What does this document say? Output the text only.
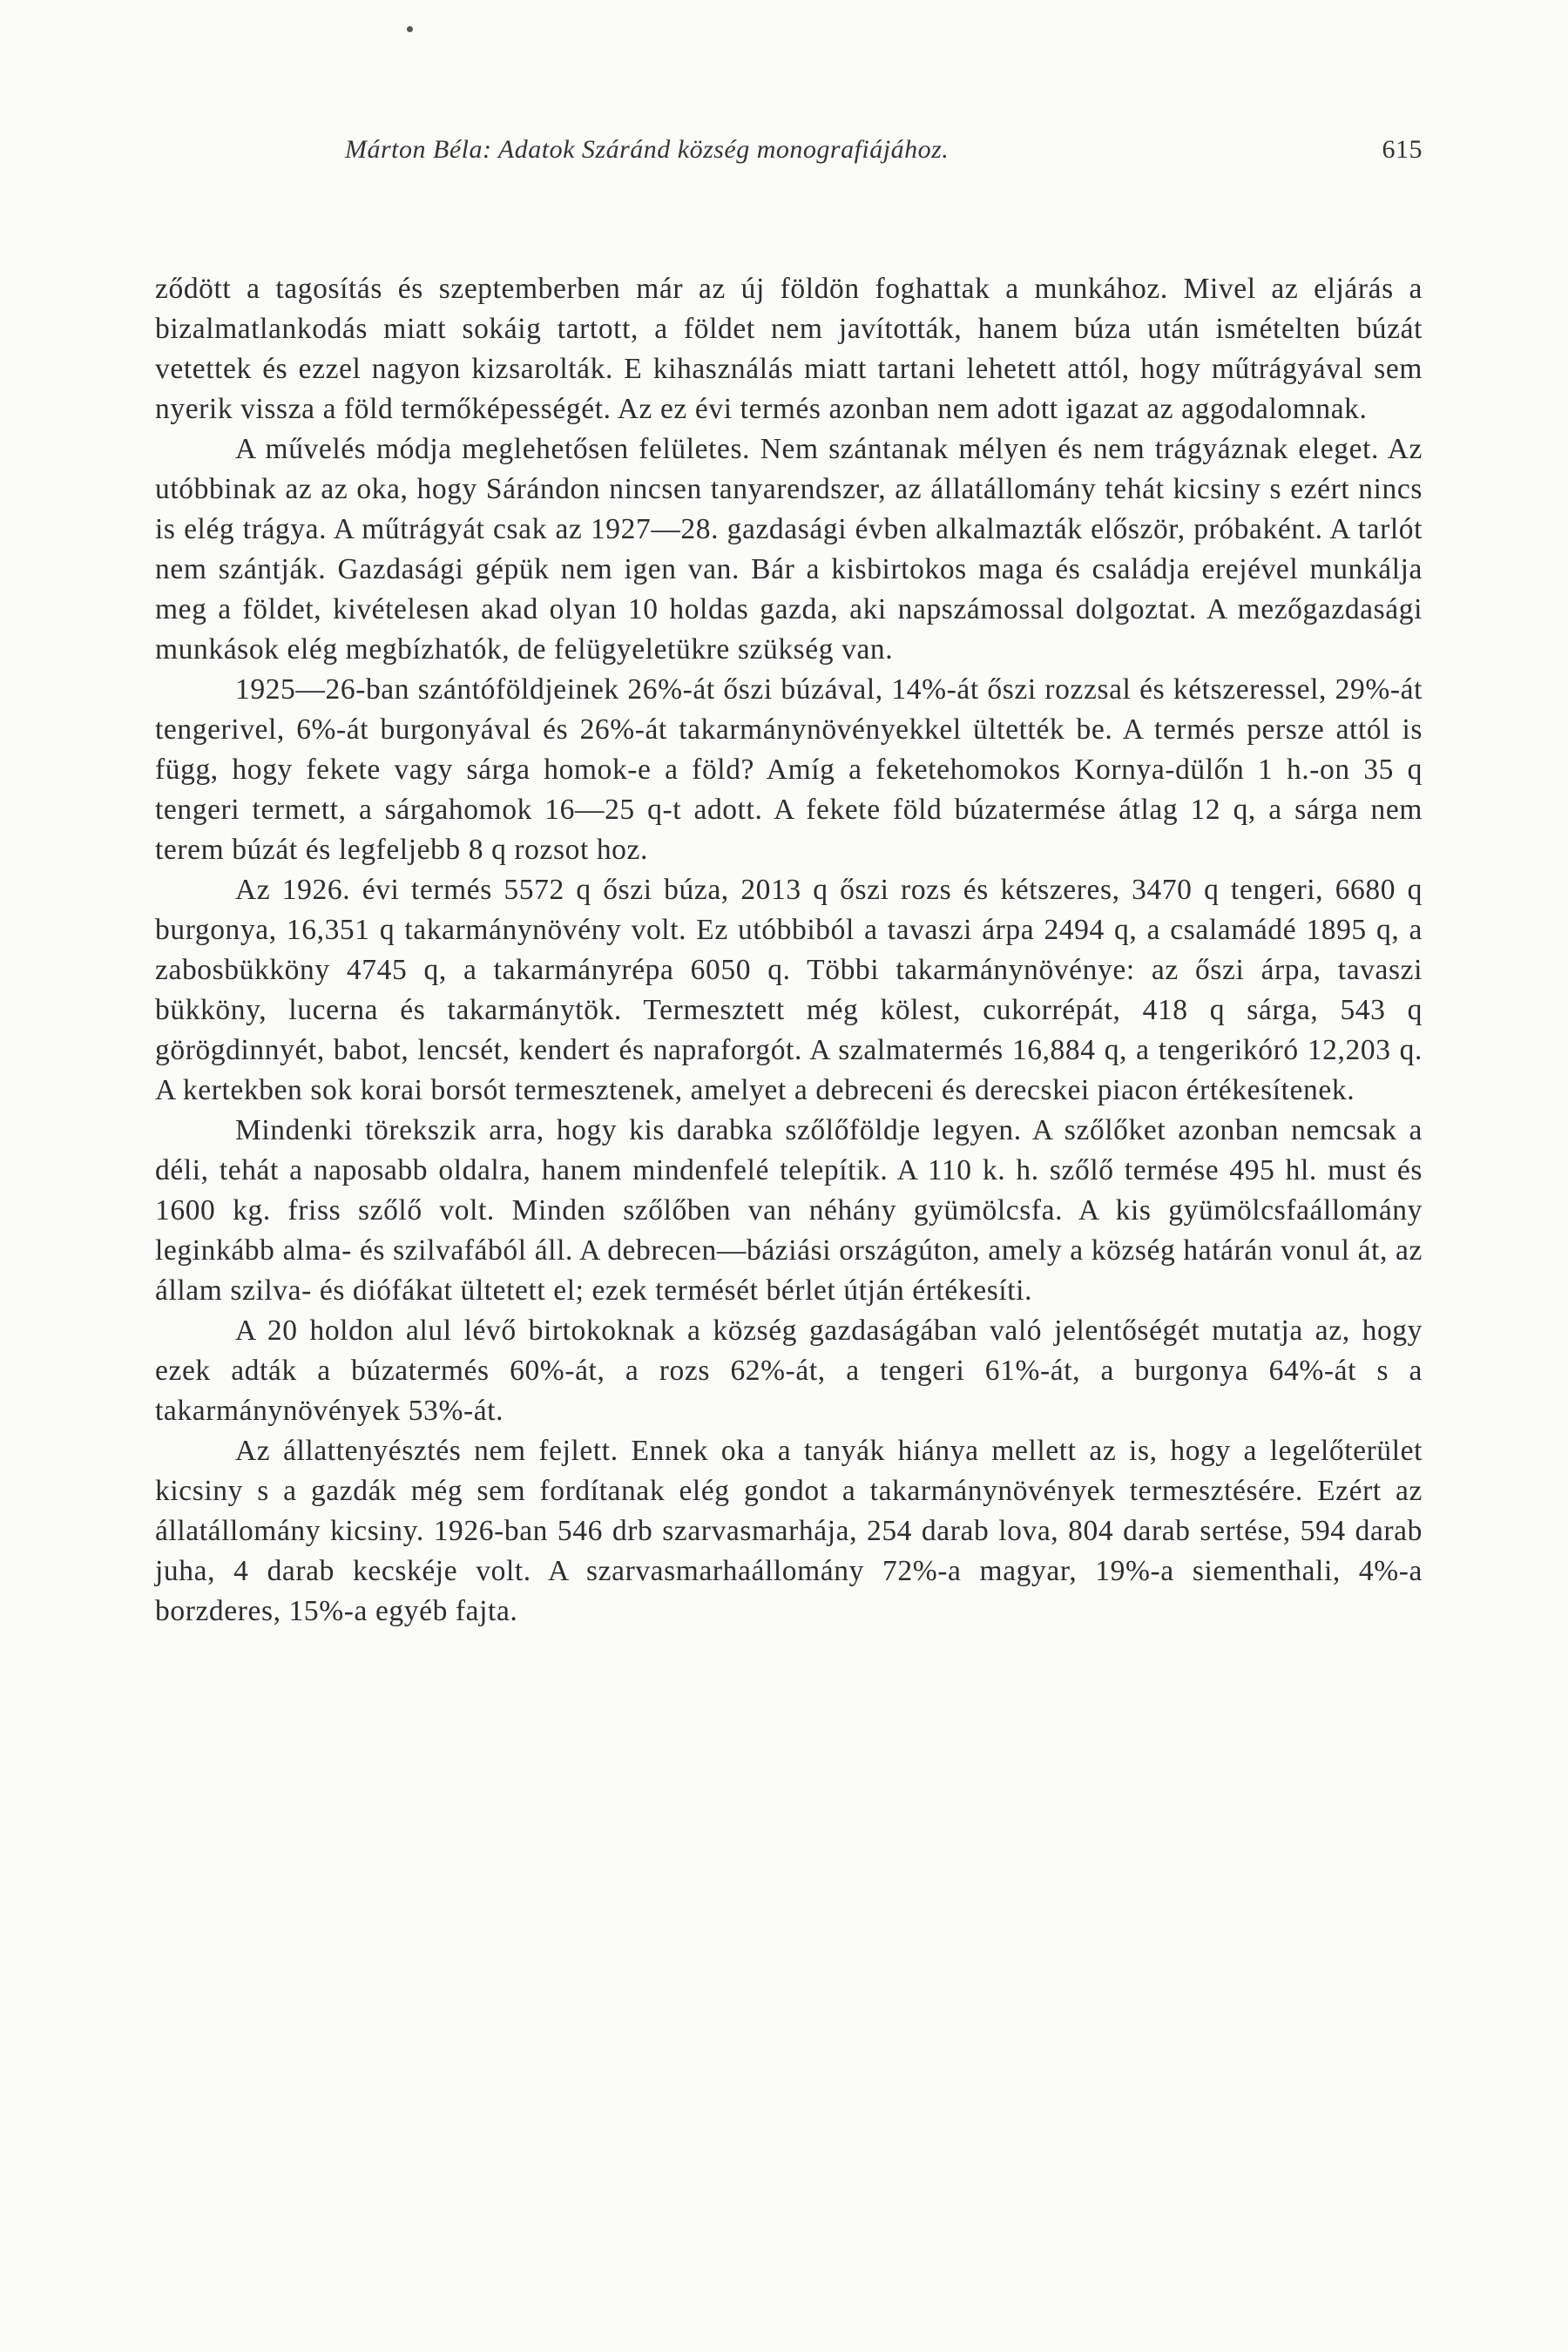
Márton Béla: Adatok Száránd község monografiájához.	615

ződött a tagosítás és szeptemberben már az új földön foghattak a munkához. Mivel az eljárás a bizalmatlankodás miatt sokáig tartott, a földet nem javították, hanem búza után ismételten búzát vetettek és ezzel nagyon kizsarolták. E kihasználás miatt tartani lehetett attól, hogy műtrágyával sem nyerik vissza a föld termőképességét. Az ez évi termés azonban nem adott igazat az aggodalomnak.

A művelés módja meglehetősen felületes. Nem szántanak mélyen és nem trágyáznak eleget. Az utóbbinak az az oka, hogy Sárándon nincsen tanyarendszer, az állatállomány tehát kicsiny s ezért nincs is elég trágya. A műtrágyát csak az 1927—28. gazdasági évben alkalmazták először, próbaként. A tarlót nem szántják. Gazdasági gépük nem igen van. Bár a kisbirtokos maga és családja erejével munkálja meg a földet, kivételesen akad olyan 10 holdas gazda, aki napszámossal dolgoztat. A mezőgazdasági munkások elég megbízhatók, de felügyeletükre szükség van.

1925—26-ban szántóföldjeinek 26%-át őszi búzával, 14%-át őszi rozzsal és kétszeressel, 29%-át tengerivel, 6%-át burgonyával és 26%-át takarmánynövényekkel ültették be. A termés persze attól is függ, hogy fekete vagy sárga homok-e a föld? Amíg a feketehomokos Kornya-dülőn 1 h.-on 35 q tengeri termett, a sárgahomok 16—25 q-t adott. A fekete föld búzatermése átlag 12 q, a sárga nem terem búzát és legfeljebb 8 q rozsot hoz.

Az 1926. évi termés 5572 q őszi búza, 2013 q őszi rozs és kétszeres, 3470 q tengeri, 6680 q burgonya, 16,351 q takarmánynövény volt. Ez utóbbiból a tavaszi árpa 2494 q, a csalamádé 1895 q, a zabosbükköny 4745 q, a takarmányrépa 6050 q. Többi takarmánynövénye: az őszi árpa, tavaszi bükköny, lucerna és takarmánytök. Termesztett még kölest, cukorrépát, 418 q sárga, 543 q görögdinnyét, babot, lencsét, kendert és napraforgót. A szalmatermés 16,884 q, a tengerikóró 12,203 q. A kertekben sok korai borsót termesztenek, amelyet a debreceni és derecskei piacon értékesítenek.

Mindenki törekszik arra, hogy kis darabka szőlőföldje legyen. A szőlőket azonban nemcsak a déli, tehát a naposabb oldalra, hanem mindenfelé telepítik. A 110 k. h. szőlő termése 495 hl. must és 1600 kg. friss szőlő volt. Minden szőlőben van néhány gyümölcsfa. A kis gyümölcsfaállomány leginkább alma- és szilvafából áll. A debrecen—báziási országúton, amely a község határán vonul át, az állam szilva- és diófákat ültetett el; ezek termését bérlet útján értékesíti.

A 20 holdon alul lévő birtokoknak a község gazdaságában való jelentőségét mutatja az, hogy ezek adták a búzatermés 60%-át, a rozs 62%-át, a tengeri 61%-át, a burgonya 64%-át s a takarmánynövények 53%-át.

Az állattenyésztés nem fejlett. Ennek oka a tanyák hiánya mellett az is, hogy a legelőterület kicsiny s a gazdák még sem fordítanak elég gondot a takarmánynövények termesztésére. Ezért az állatállomány kicsiny. 1926-ban 546 drb szarvasmarhája, 254 darab lova, 804 darab sertése, 594 darab juha, 4 darab kecskéje volt. A szarvasmarhaállomány 72%-a magyar, 19%-a siementhali, 4%-a borzderes, 15%-a egyéb fajta.
